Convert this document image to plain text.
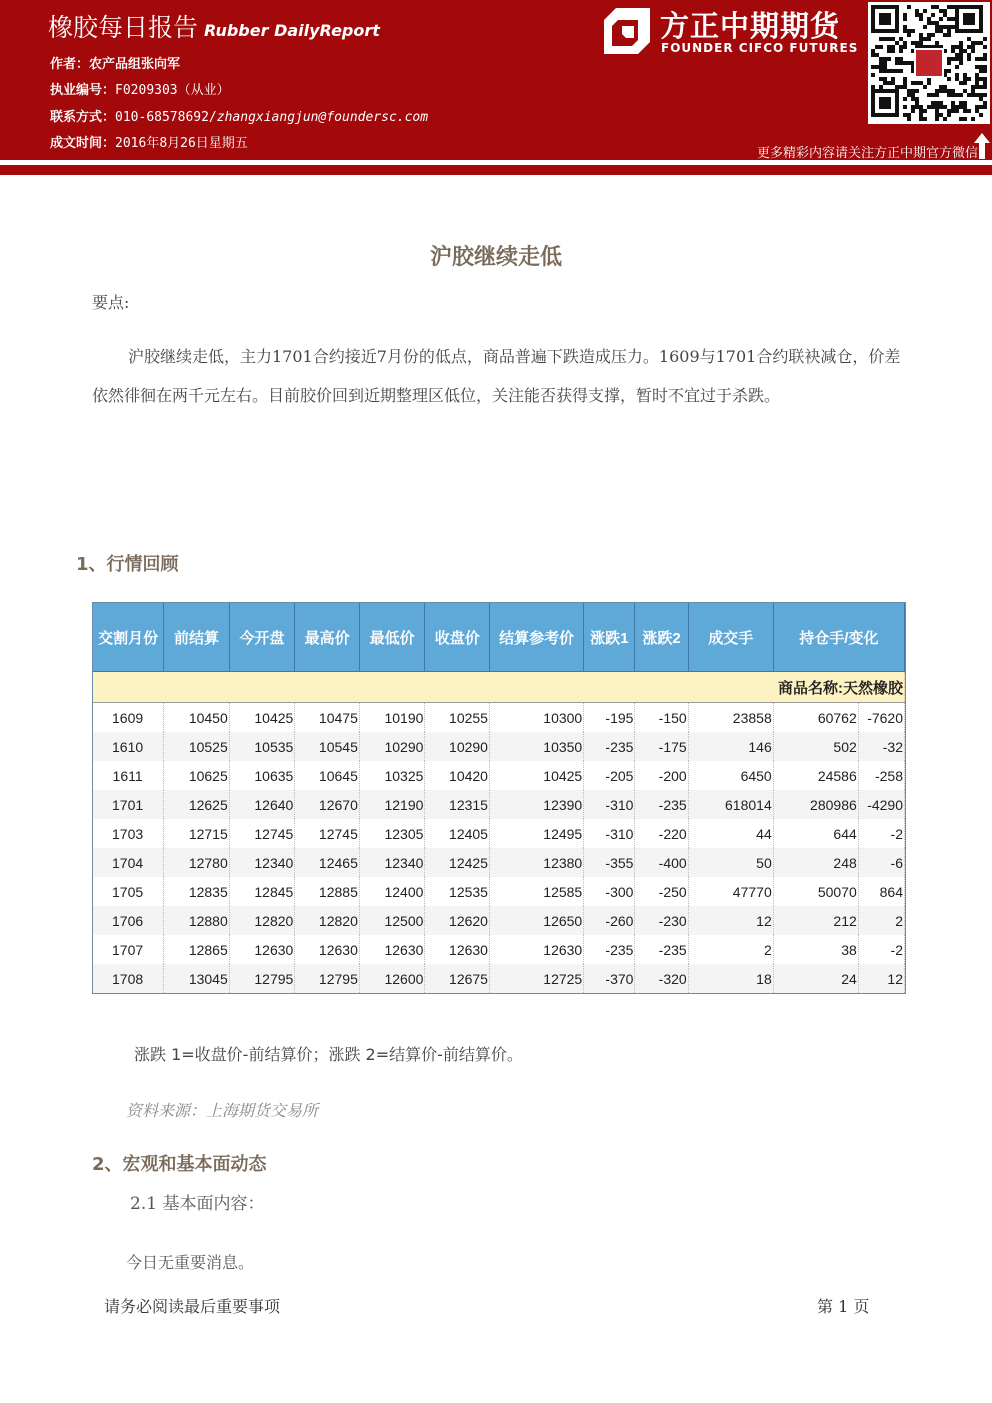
橡胶每日报告 Rubber DailyReport
作者：农产品组张向军
执业编号：F0209303（从业）
联系方式：010-68578692/zhangxiangjun@foundersc.com
成文时间：2016年8月26日星期五
方正中期期货
FOUNDER CIFCO FUTURES
更多精彩内容请关注方正中期官方微信
沪胶继续走低
要点:
沪胶继续走低，主力1701合约接近7月份的低点，商品普遍下跌造成压力。1609与1701合约联袂减仓，价差依然徘徊在两千元左右。目前胶价回到近期整理区低位，关注能否获得支撑，暂时不宜过于杀跌。
1、行情回顾
交割月份	前结算	今开盘	最高价	最低价	收盘价	结算参考价	涨跌1	涨跌2	成交手	持仓手/变化	
商品名称:天然橡胶											
1609	10450	10425	10475	10190	10255	10300	-195	-150	23858	60762	-7620
1610	10525	10535	10545	10290	10290	10350	-235	-175	146	502	-32
1611	10625	10635	10645	10325	10420	10425	-205	-200	6450	24586	-258
1701	12625	12640	12670	12190	12315	12390	-310	-235	618014	280986	-4290
1703	12715	12745	12745	12305	12405	12495	-310	-220	44	644	-2
1704	12780	12340	12465	12340	12425	12380	-355	-400	50	248	-6
1705	12835	12845	12885	12400	12535	12585	-300	-250	47770	50070	864
1706	12880	12820	12820	12500	12620	12650	-260	-230	12	212	2
1707	12865	12630	12630	12630	12630	12630	-235	-235	2	38	-2
1708	13045	12795	12795	12600	12675	12725	-370	-320	18	24	12
涨跌 1=收盘价-前结算价；涨跌 2=结算价-前结算价。
资料来源：上海期货交易所
2、宏观和基本面动态
2.1 基本面内容：
今日无重要消息。
请务必阅读最后重要事项	第 1 页
